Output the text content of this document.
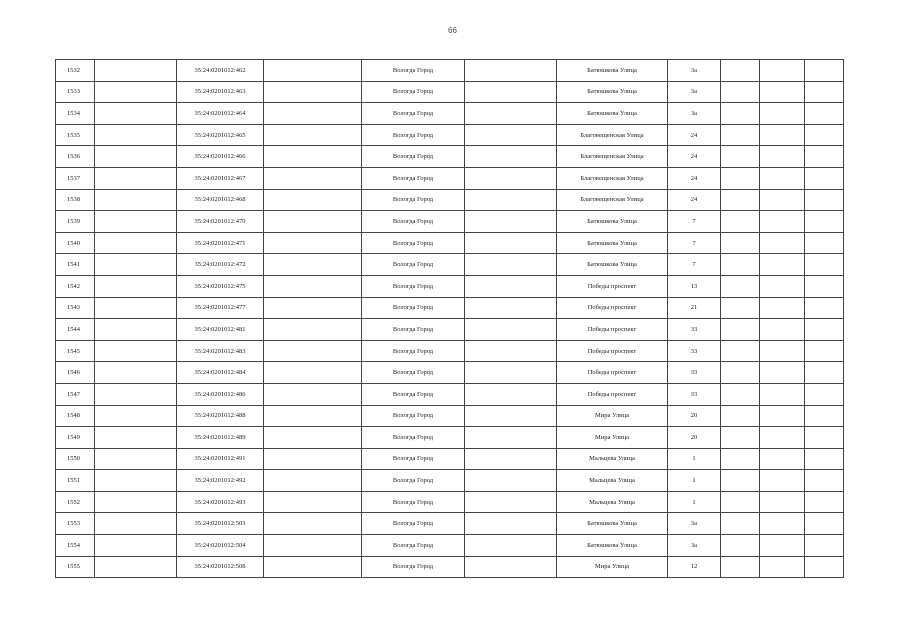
66
1532		35:24:0201012:462		Вологда Город		Батюшкова Улица	3а			
1533		35:24:0201012:463		Вологда Город		Батюшкова Улица	3а			
1534		35:24:0201012:464		Вологда Город		Батюшкова Улица	3а			
1535		35:24:0201012:465		Вологда Город		Благовещенская Улица	24			
1536		35:24:0201012:466		Вологда Город		Благовещенская Улица	24			
1537		35:24:0201012:467		Вологда Город		Благовещенская Улица	24			
1538		35:24:0201012:468		Вологда Город		Благовещенская Улица	24			
1539		35:24:0201012:470		Вологда Город		Батюшкова Улица	7			
1540		35:24:0201012:471		Вологда Город		Батюшкова Улица	7			
1541		35:24:0201012:472		Вологда Город		Батюшкова Улица	7			
1542		35:24:0201012:475		Вологда Город		Победы проспект	13			
1543		35:24:0201012:477		Вологда Город		Победы проспект	21			
1544		35:24:0201012:481		Вологда Город		Победы проспект	33			
1545		35:24:0201012:483		Вологда Город		Победы проспект	33			
1546		35:24:0201012:484		Вологда Город		Победы проспект	33			
1547		35:24:0201012:486		Вологда Город		Победы проспект	33			
1548		35:24:0201012:488		Вологда Город		Мира Улица	20			
1549		35:24:0201012:489		Вологда Город		Мира Улица	20			
1550		35:24:0201012:491		Вологда Город		Мальцева Улица	1			
1551		35:24:0201012:492		Вологда Город		Мальцева Улица	1			
1552		35:24:0201012:493		Вологда Город		Мальцева Улица	1			
1553		35:24:0201012:503		Вологда Город		Батюшкова Улица	3а			
1554		35:24:0201012:504		Вологда Город		Батюшкова Улица	3а			
1555		35:24:0201012:508		Вологда Город		Мира Улица	12			
